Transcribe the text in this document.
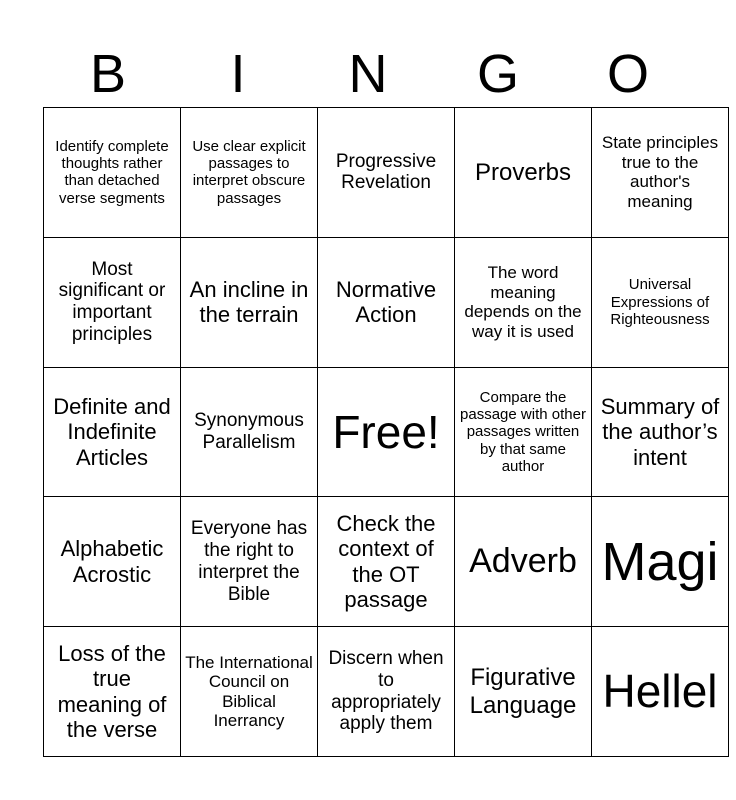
B	I	N	G	O
Identify complete thoughts rather than detached verse segments	Use clear explicit passages to interpret obscure passages	Progressive Revelation	Proverbs	State principles true to the author's meaning
Most significant or important principles	An incline in the terrain	Normative Action	The word meaning depends on the way it is used	Universal Expressions of Righteousness
Definite and Indefinite Articles	Synonymous Parallelism	Free!	Compare the passage with other passages written by that same author	Summary of the author’s intent
Alphabetic Acrostic	Everyone has the right to interpret the Bible	Check the context of the OT passage	Adverb	Magi
Loss of the true meaning of the verse	The International Council on Biblical Inerrancy	Discern when to appropriately apply them	Figurative Language	Hellel
